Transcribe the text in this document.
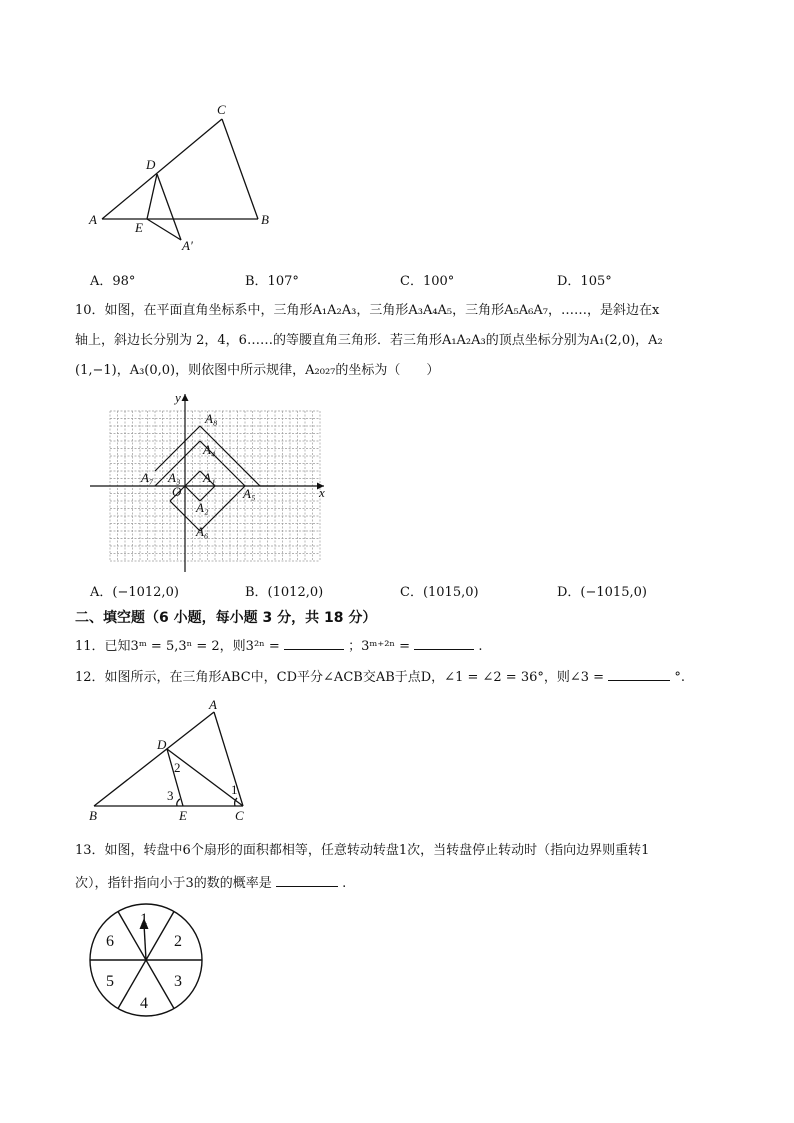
C
D
A	B
E
A′
A．98°	B．107°	C．100°	D．105°
10．如图，在平面直角坐标系中，三角形A₁A₂A₃，三角形A₃A₄A₅，三角形A₅A₆A₇，……，是斜边在x
轴上，斜边长分别为 2，4，6……的等腰直角三角形．若三角形A₁A₂A₃的顶点坐标分别为A₁(2,0)，A₂
(1,−1)，A₃(0,0)，则依图中所示规律，A₂₀₂₇的坐标为（　　）
y
x
O
A₈
A₄
A₇ A₃ A₁
A₅
A₂
A₆
A．(−1012,0)	B．(1012,0)	C．(1015,0)	D．(−1015,0)
二、填空题（6 小题，每小题 3 分，共 18 分）
11．已知3ᵐ = 5,3ⁿ = 2，则3²ⁿ =	；3ᵐ⁺²ⁿ =	.
12．如图所示，在三角形ABC中，CD平分∠ACB交AB于点D，∠1 = ∠2 = 36°，则∠3 =	°.
A
D
2
3	1
B	E	C
13．如图，转盘中6个扇形的面积都相等，任意转动转盘1次，当转盘停止转动时（指向边界则重转1
次），指针指向小于3的数的概率是	.
1
2
3
4
5
6
